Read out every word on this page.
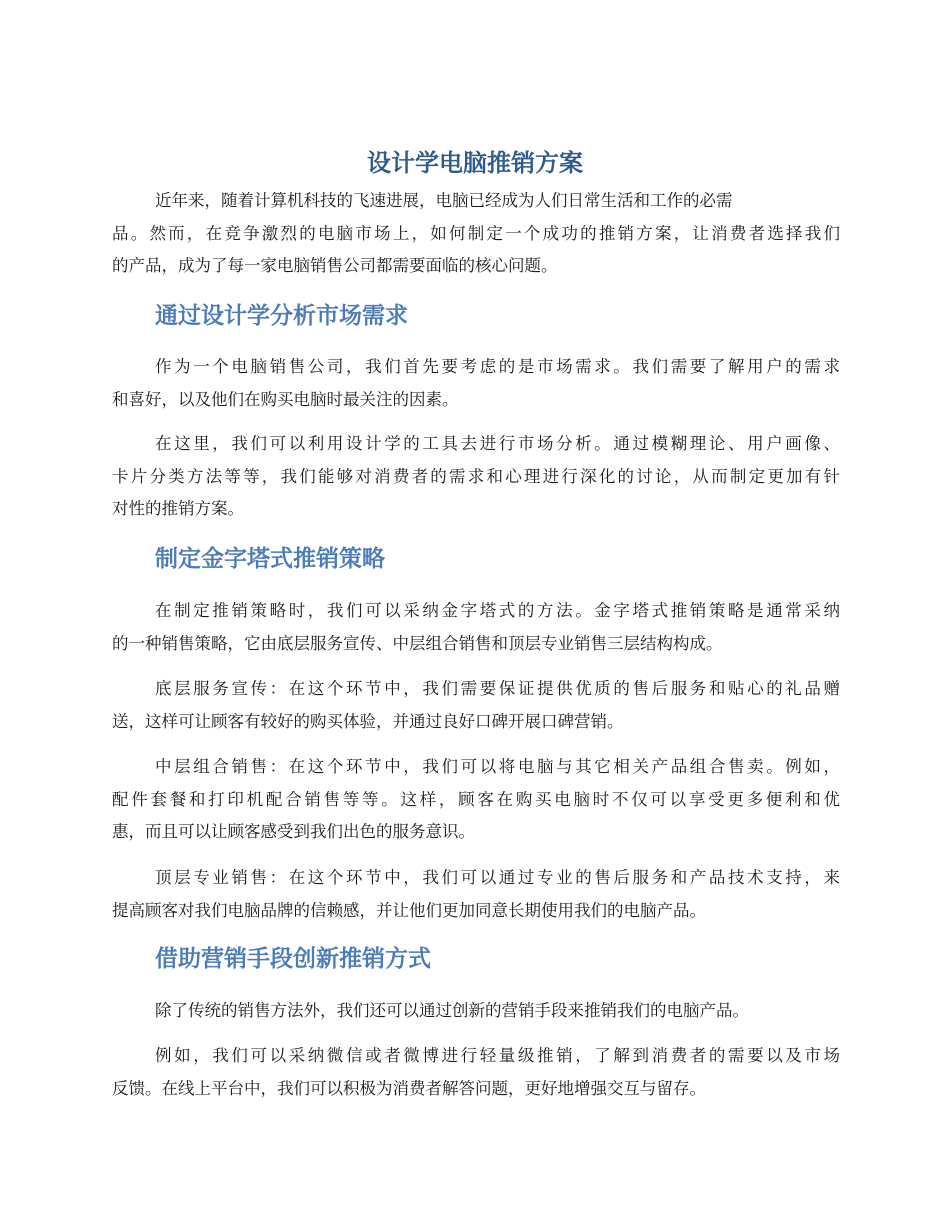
设计学电脑推销方案
近年来，随着计算机科技的飞速进展，电脑已经成为人们日常生活和工作的必需
品。然而，在竞争激烈的电脑市场上，如何制定一个成功的推销方案，让消费者选择我们
的产品，成为了每一家电脑销售公司都需要面临的核心问题。
通过设计学分析市场需求
作为一个电脑销售公司，我们首先要考虑的是市场需求。我们需要了解用户的需求
和喜好，以及他们在购买电脑时最关注的因素。
在这里，我们可以利用设计学的工具去进行市场分析。通过模糊理论、用户画像、
卡片分类方法等等，我们能够对消费者的需求和心理进行深化的讨论，从而制定更加有针
对性的推销方案。
制定金字塔式推销策略
在制定推销策略时，我们可以采纳金字塔式的方法。金字塔式推销策略是通常采纳
的一种销售策略，它由底层服务宣传、中层组合销售和顶层专业销售三层结构构成。
底层服务宣传：在这个环节中，我们需要保证提供优质的售后服务和贴心的礼品赠
送，这样可让顾客有较好的购买体验，并通过良好口碑开展口碑营销。
中层组合销售：在这个环节中，我们可以将电脑与其它相关产品组合售卖。例如，
配件套餐和打印机配合销售等等。这样，顾客在购买电脑时不仅可以享受更多便利和优
惠，而且可以让顾客感受到我们出色的服务意识。
顶层专业销售：在这个环节中，我们可以通过专业的售后服务和产品技术支持，来
提高顾客对我们电脑品牌的信赖感，并让他们更加同意长期使用我们的电脑产品。
借助营销手段创新推销方式
除了传统的销售方法外，我们还可以通过创新的营销手段来推销我们的电脑产品。
例如，我们可以采纳微信或者微博进行轻量级推销，了解到消费者的需要以及市场
反馈。在线上平台中，我们可以积极为消费者解答问题，更好地增强交互与留存。
